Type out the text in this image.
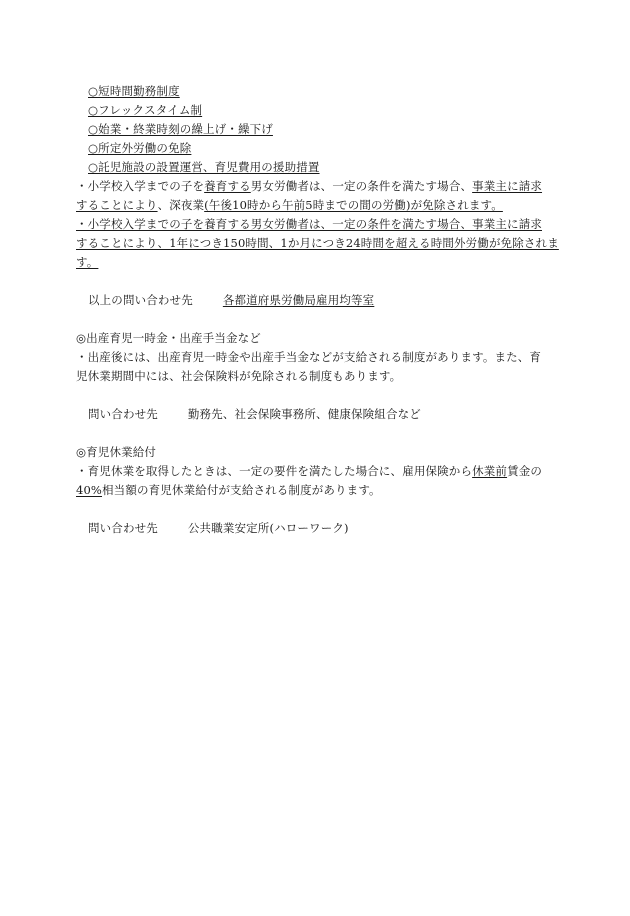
○短時間勤務制度
○フレックスタイム制
○始業・終業時刻の繰上げ・繰下げ
○所定外労働の免除
○託児施設の設置運営、育児費用の援助措置
・小学校入学までの子を養育する男女労働者は、一定の条件を満たす場合、事業主に請求
することにより、深夜業(午後10時から午前5時までの間の労働)が免除されます。
・小学校入学までの子を養育する男女労働者は、一定の条件を満たす場合、事業主に請求
することにより、1年につき150時間、1か月につき24時間を超える時間外労働が免除されま
す。
以上の問い合わせ先	各都道府県労働局雇用均等室
◎出産育児一時金・出産手当金など
・出産後には、出産育児一時金や出産手当金などが支給される制度があります。また、育
児休業期間中には、社会保険料が免除される制度もあります。
問い合わせ先	勤務先、社会保険事務所、健康保険組合など
◎育児休業給付
・育児休業を取得したときは、一定の要件を満たした場合に、雇用保険から休業前賃金の
40%相当額の育児休業給付が支給される制度があります。
問い合わせ先	公共職業安定所(ハローワーク)
